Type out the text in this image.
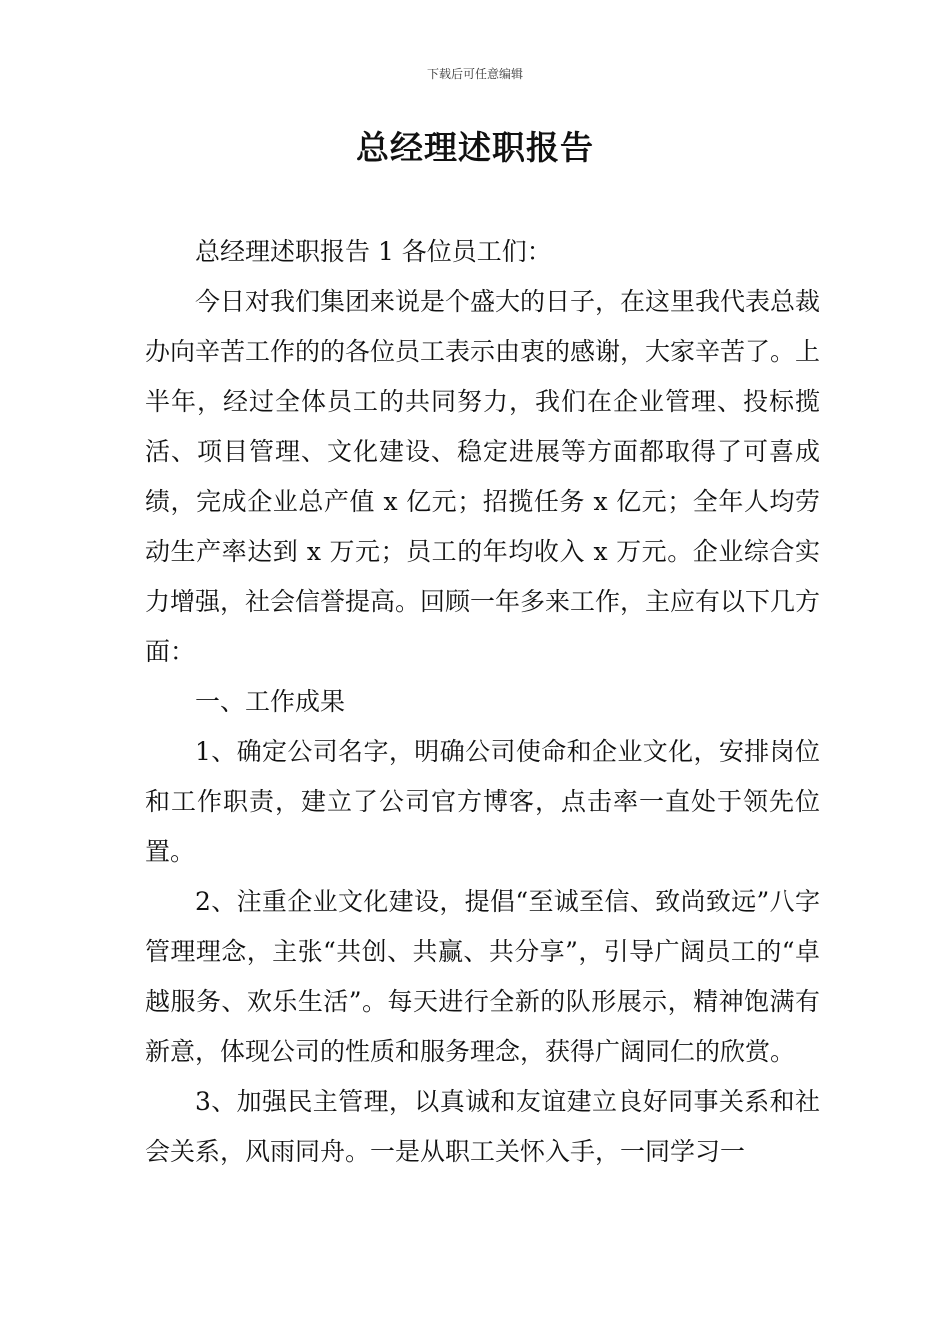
下载后可任意编辑
总经理述职报告

总经理述职报告 1 各位员工们：

今日对我们集团来说是个盛大的日子，在这里我代表总裁办向辛苦工作的的各位员工表示由衷的感谢，大家辛苦了。上半年，经过全体员工的共同努力，我们在企业管理、投标揽活、项目管理、文化建设、稳定进展等方面都取得了可喜成绩，完成企业总产值 x 亿元；招揽任务 x 亿元；全年人均劳动生产率达到 x 万元；员工的年均收入 x 万元。企业综合实力增强，社会信誉提高。回顾一年多来工作，主应有以下几方面：

一、工作成果

1、确定公司名字，明确公司使命和企业文化，安排岗位和工作职责，建立了公司官方博客，点击率一直处于领先位置。

2、注重企业文化建设，提倡“至诚至信、致尚致远”八字管理理念，主张“共创、共赢、共分享”，引导广阔员工的“卓越服务、欢乐生活”。每天进行全新的队形展示，精神饱满有新意，体现公司的性质和服务理念，获得广阔同仁的欣赏。

3、加强民主管理，以真诚和友谊建立良好同事关系和社会关系，风雨同舟。一是从职工关怀入手，一同学习一
